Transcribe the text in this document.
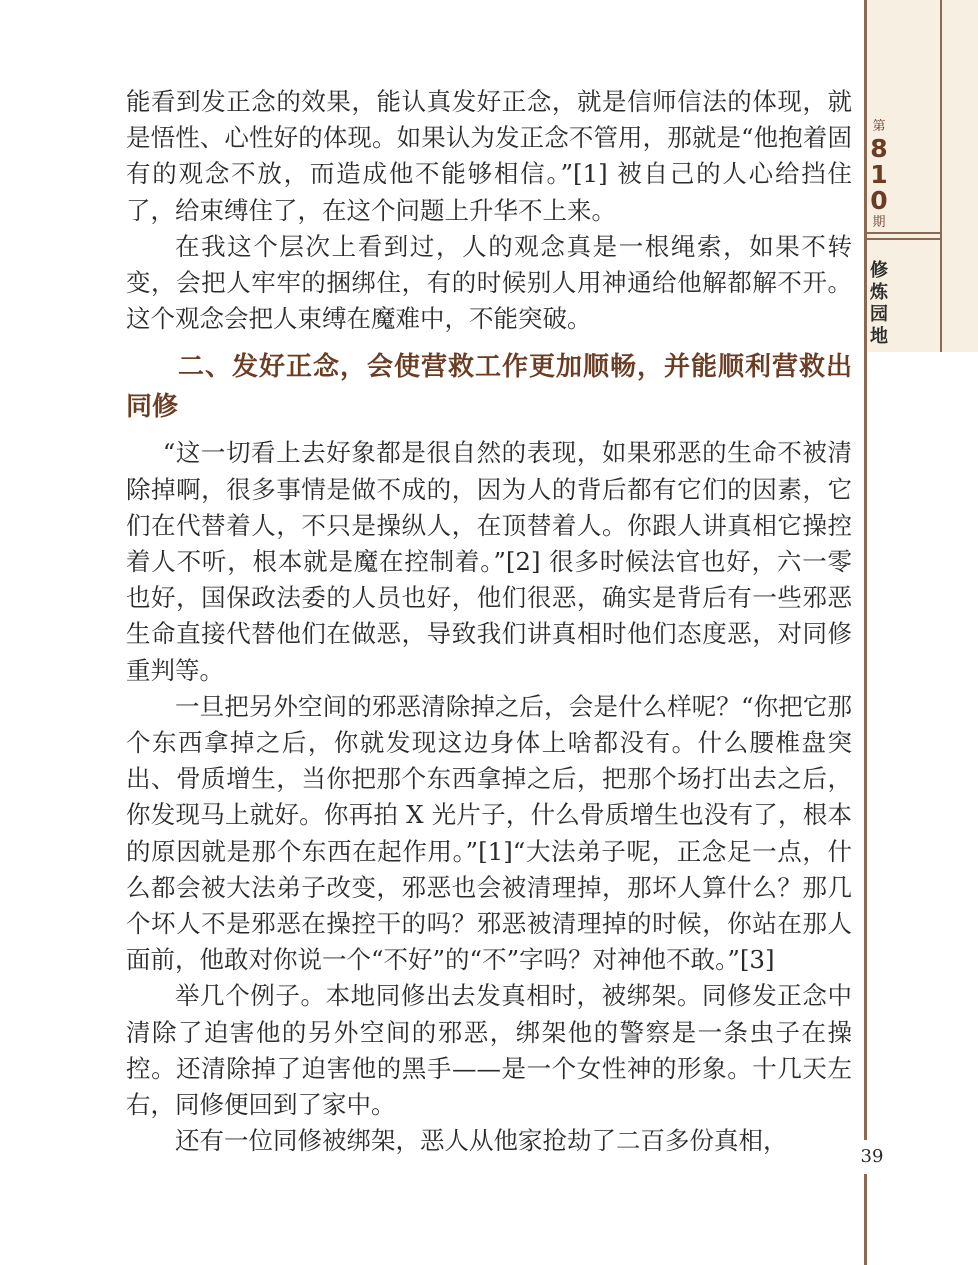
第
8
1
0
期
修
炼
园
地

能看到发正念的效果，能认真发好正念，就是信师信法的体现，就是悟性、心性好的体现。如果认为发正念不管用，那就是“他抱着固有的观念不放，而造成他不能够相信。”[1] 被自己的人心给挡住了，给束缚住了，在这个问题上升华不上来。

在我这个层次上看到过，人的观念真是一根绳索，如果不转变，会把人牢牢的捆绑住，有的时候别人用神通给他解都解不开。这个观念会把人束缚在魔难中，不能突破。

二、发好正念，会使营救工作更加顺畅，并能顺利营救出同修

“这一切看上去好象都是很自然的表现，如果邪恶的生命不被清除掉啊，很多事情是做不成的，因为人的背后都有它们的因素，它们在代替着人，不只是操纵人，在顶替着人。你跟人讲真相它操控着人不听，根本就是魔在控制着。”[2] 很多时候法官也好，六一零也好，国保政法委的人员也好，他们很恶，确实是背后有一些邪恶生命直接代替他们在做恶，导致我们讲真相时他们态度恶，对同修重判等。

一旦把另外空间的邪恶清除掉之后，会是什么样呢？“你把它那个东西拿掉之后，你就发现这边身体上啥都没有。什么腰椎盘突出、骨质增生，当你把那个东西拿掉之后，把那个场打出去之后，你发现马上就好。你再拍 X 光片子，什么骨质增生也没有了，根本的原因就是那个东西在起作用。”[1]“大法弟子呢，正念足一点，什么都会被大法弟子改变，邪恶也会被清理掉，那坏人算什么？那几个坏人不是邪恶在操控干的吗？邪恶被清理掉的时候，你站在那人面前，他敢对你说一个“不好”的“不”字吗？对神他不敢。”[3]

举几个例子。本地同修出去发真相时，被绑架。同修发正念中清除了迫害他的另外空间的邪恶，绑架他的警察是一条虫子在操控。还清除掉了迫害他的黑手——是一个女性神的形象。十几天左右，同修便回到了家中。

还有一位同修被绑架，恶人从他家抢劫了二百多份真相，

39
